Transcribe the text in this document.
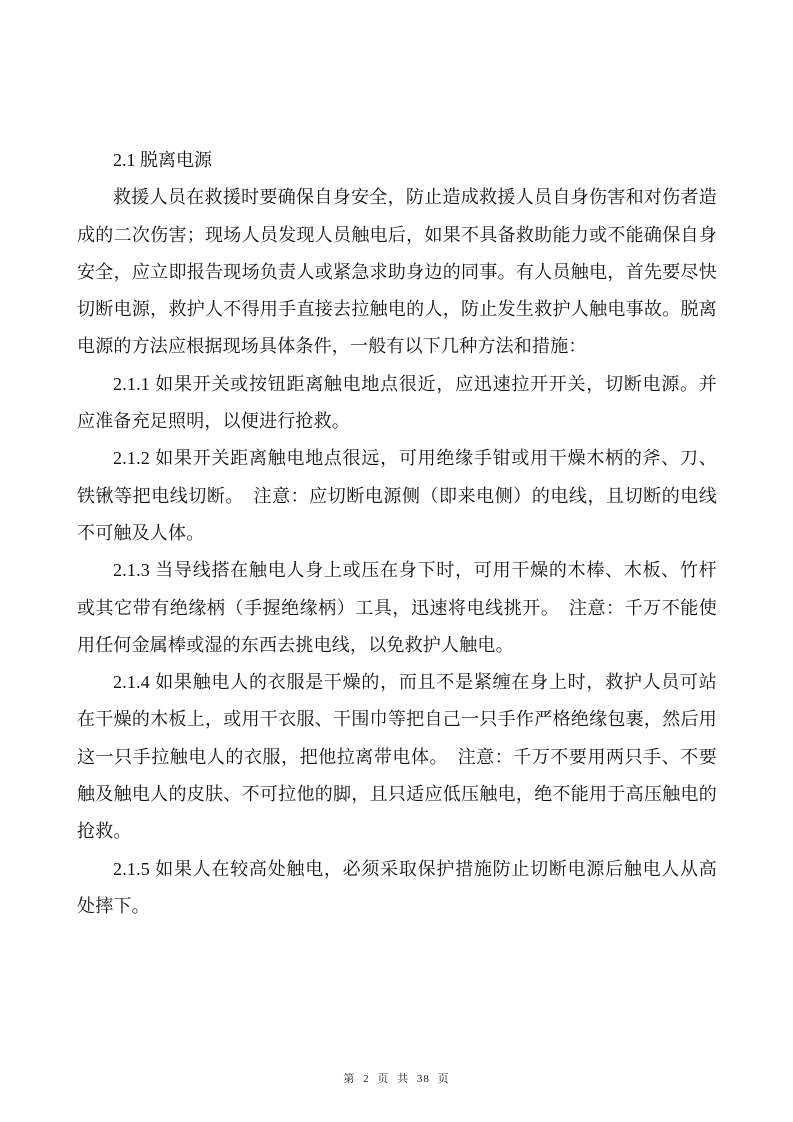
2.1 脱离电源

救援人员在救援时要确保自身安全，防止造成救援人员自身伤害和对伤者造成的二次伤害；现场人员发现人员触电后，如果不具备救助能力或不能确保自身安全，应立即报告现场负责人或紧急求助身边的同事。有人员触电，首先要尽快切断电源，救护人不得用手直接去拉触电的人，防止发生救护人触电事故。脱离电源的方法应根据现场具体条件，一般有以下几种方法和措施：

2.1.1 如果开关或按钮距离触电地点很近，应迅速拉开开关，切断电源。并应准备充足照明，以便进行抢救。

2.1.2 如果开关距离触电地点很远，可用绝缘手钳或用干燥木柄的斧、刀、铁锹等把电线切断。　注意：应切断电源侧（即来电侧）的电线，且切断的电线不可触及人体。

2.1.3 当导线搭在触电人身上或压在身下时，可用干燥的木棒、木板、竹杆或其它带有绝缘柄（手握绝缘柄）工具，迅速将电线挑开。　注意：千万不能使用任何金属棒或湿的东西去挑电线，以免救护人触电。

2.1.4 如果触电人的衣服是干燥的，而且不是紧缠在身上时，救护人员可站在干燥的木板上，或用干衣服、干围巾等把自己一只手作严格绝缘包裹，然后用这一只手拉触电人的衣服，把他拉离带电体。　注意：千万不要用两只手、不要触及触电人的皮肤、不可拉他的脚，且只适应低压触电，绝不能用于高压触电的抢救。

2.1.5 如果人在较高处触电，必须采取保护措施防止切断电源后触电人从高处摔下。

第 2 页 共 38 页
